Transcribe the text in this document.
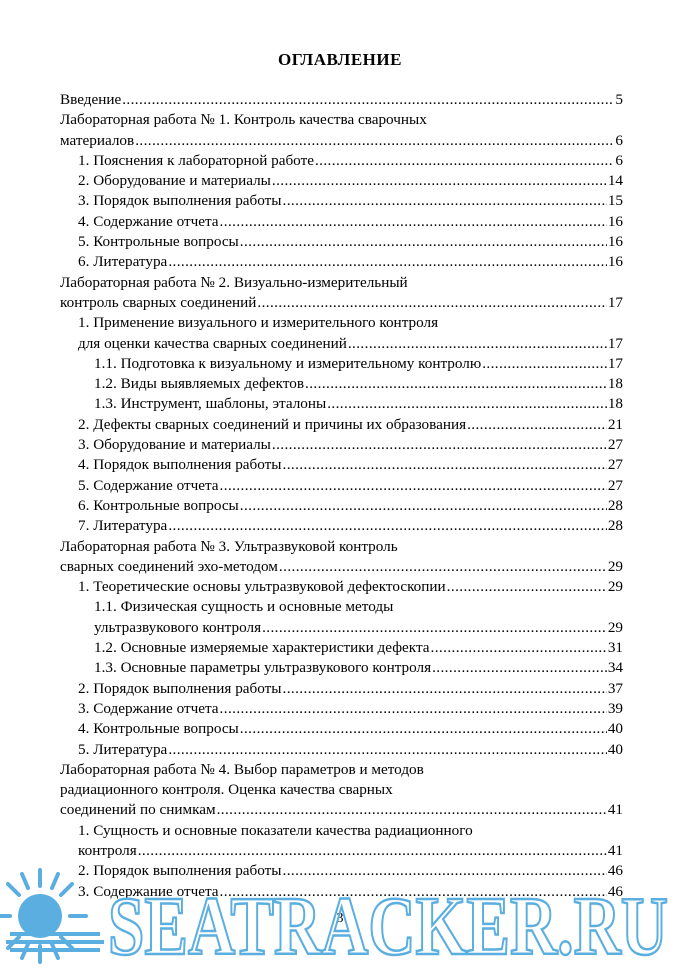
ОГЛАВЛЕНИЕ
Введение .....	5
Лабораторная работа № 1. Контроль качества сварочных
материалов .....	6
1. Пояснения к лабораторной работе .....	6
2. Оборудование и материалы .....	14
3. Порядок выполнения работы .....	15
4. Содержание отчета .....	16
5. Контрольные вопросы .....	16
6. Литература .....	16
Лабораторная работа № 2. Визуально-измерительный
контроль сварных соединений .....	17
1. Применение визуального и измерительного контроля
для оценки качества сварных соединений .....	17
1.1. Подготовка к визуальному и измерительному контролю .....	17
1.2. Виды выявляемых дефектов .....	18
1.3. Инструмент, шаблоны, эталоны .....	18
2. Дефекты сварных соединений и причины их образования .....	21
3. Оборудование и материалы .....	27
4. Порядок выполнения работы .....	27
5. Содержание отчета .....	27
6. Контрольные вопросы .....	28
7. Литература .....	28
Лабораторная работа № 3. Ультразвуковой контроль
сварных соединений эхо-методом .....	29
1. Теоретические основы ультразвуковой дефектоскопии .....	29
1.1. Физическая сущность и основные методы
ультразвукового контроля .....	29
1.2. Основные измеряемые характеристики дефекта .....	31
1.3. Основные параметры ультразвукового контроля .....	34
2. Порядок выполнения работы .....	37
3. Содержание отчета .....	39
4. Контрольные вопросы .....	40
5. Литература .....	40
Лабораторная работа № 4. Выбор параметров и методов
радиационного контроля. Оценка качества сварных
соединений по снимкам .....	41
1. Сущность и основные показатели качества радиационного
контроля .....	41
2. Порядок выполнения работы .....	46
3. Содержание отчета .....	46
3
SEATRACKER.RU
